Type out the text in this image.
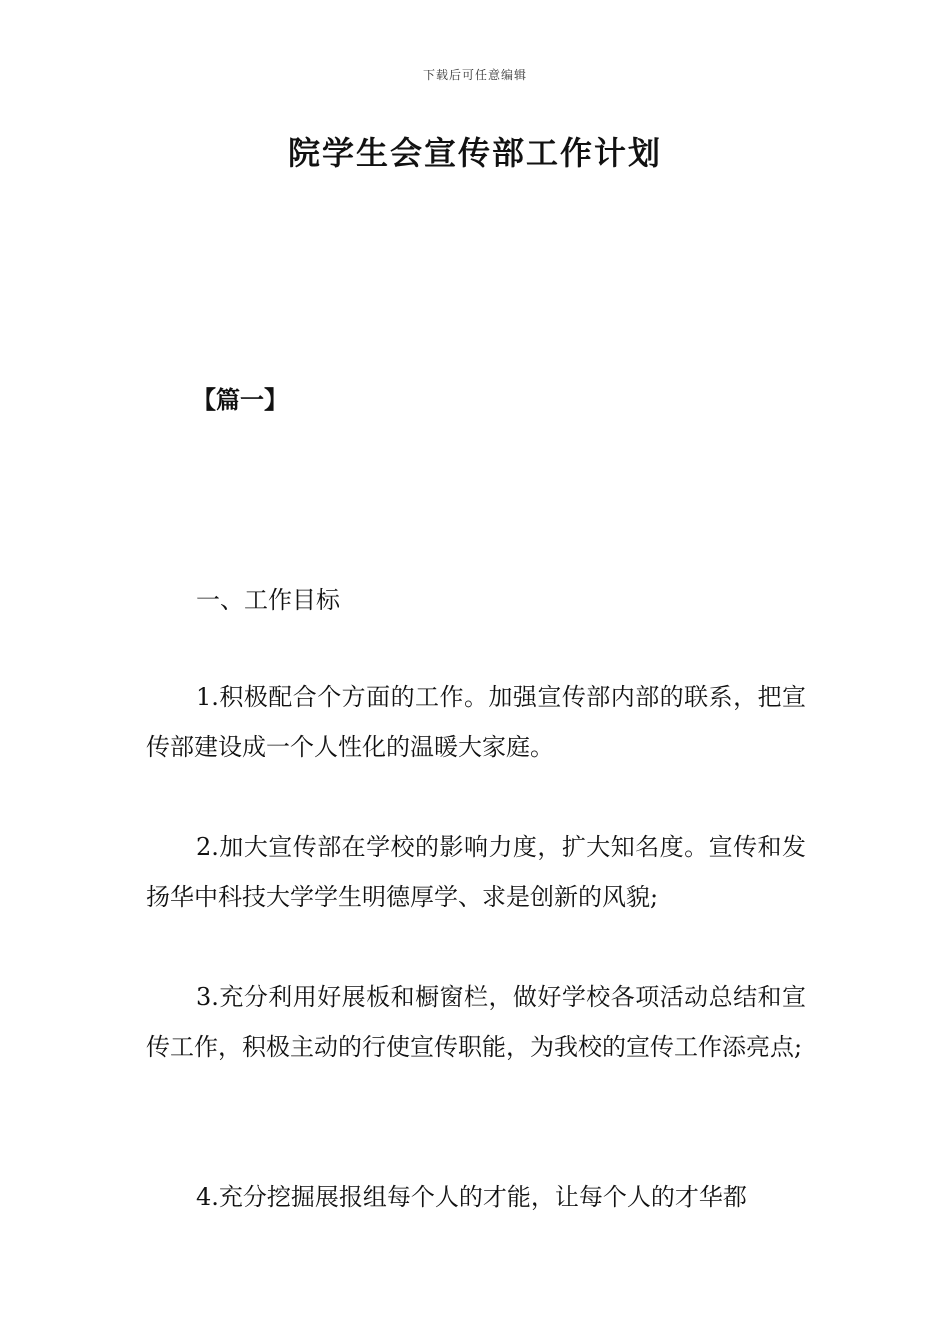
下载后可任意编辑
院学生会宣传部工作计划
【篇一】
一、工作目标

1.积极配合个方面的工作。加强宣传部内部的联系，把宣传部建设成一个人性化的温暖大家庭。

2.加大宣传部在学校的影响力度，扩大知名度。宣传和发扬华中科技大学学生明德厚学、求是创新的风貌;

3.充分利用好展板和橱窗栏，做好学校各项活动总结和宣传工作，积极主动的行使宣传职能，为我校的宣传工作添亮点;

4.充分挖掘展报组每个人的才能，让每个人的才华都
